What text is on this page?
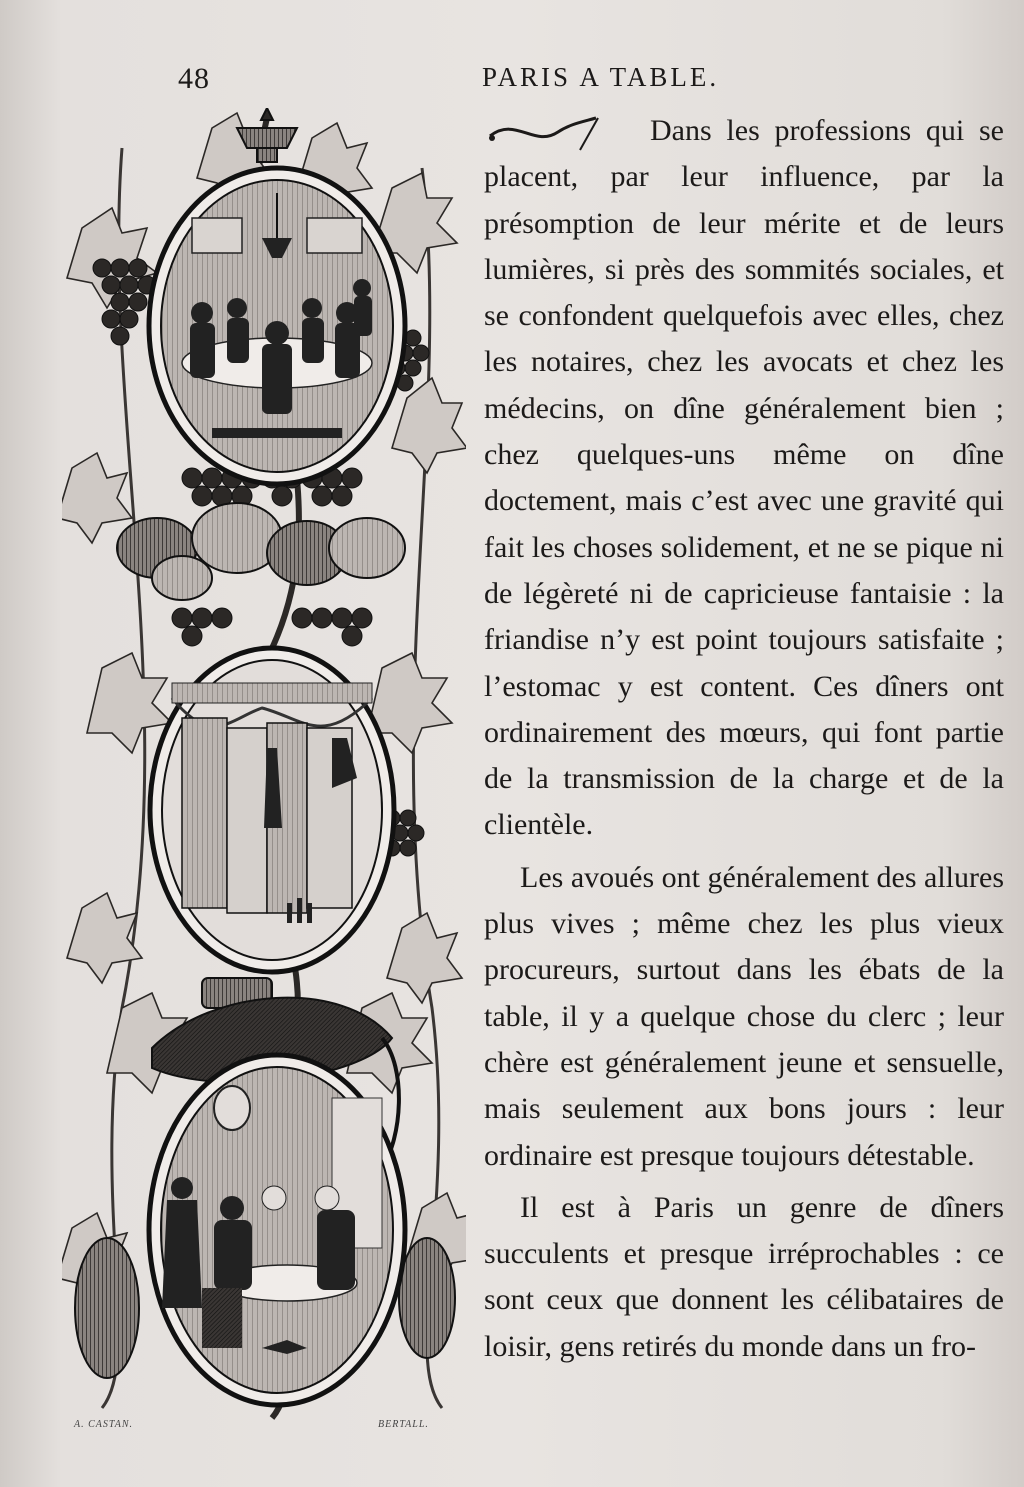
48	PARIS A TABLE.
A. CASTAN.	BERTALL.

Dans les professions qui se placent, par leur influence, par la présomption de leur mérite et de leurs lumières, si près des sommités sociales, et se confondent quelquefois avec elles, chez les notaires, chez les avocats et chez les médecins, on dîne généralement bien ; chez quelques-uns même on dîne doctement, mais c’est avec une gravité qui fait les choses solidement, et ne se pique ni de légèreté ni de capricieuse fantaisie : la friandise n’y est point toujours satisfaite ; l’estomac y est content. Ces dîners ont ordinairement des mœurs, qui font partie de la transmission de la charge et de la clientèle.

Les avoués ont généralement des allures plus vives ; même chez les plus vieux procureurs, surtout dans les ébats de la table, il y a quelque chose du clerc ; leur chère est généralement jeune et sensuelle, mais seulement aux bons jours : leur ordinaire est presque toujours détestable.

Il est à Paris un genre de dîners succulents et presque irréprochables : ce sont ceux que donnent les célibataires de loisir, gens retirés du monde dans un fro-
